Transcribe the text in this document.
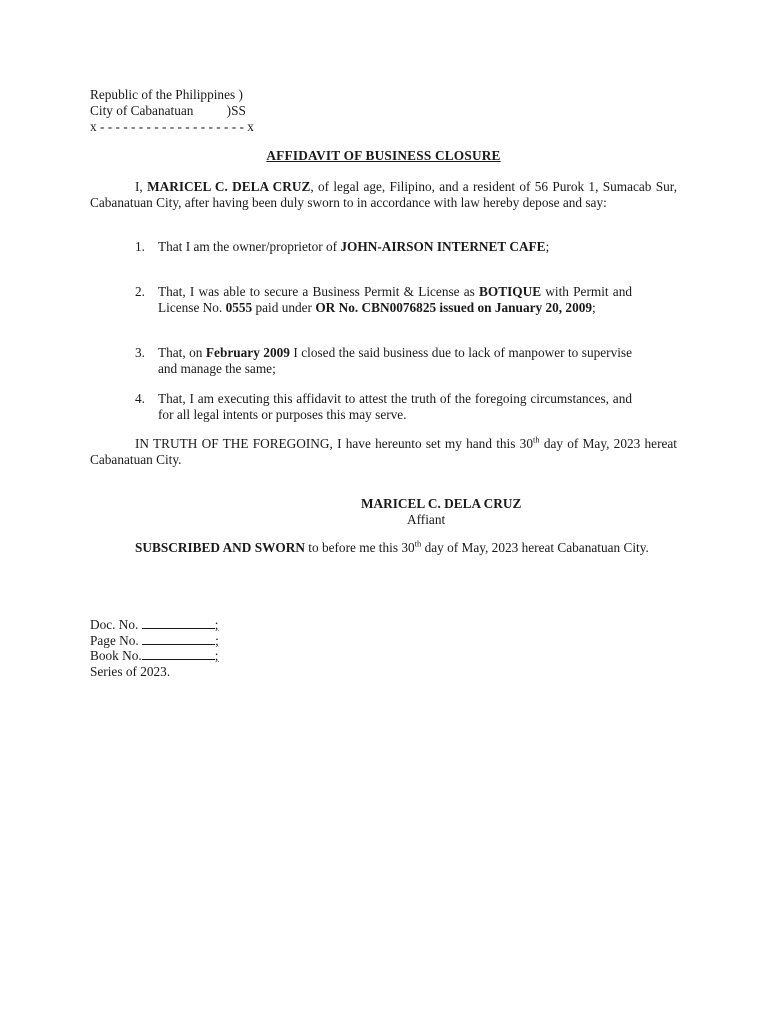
Republic of the Philippines )
City of Cabanatuan          )SS
x - - - - - - - - - - - - - - - - - - - x
AFFIDAVIT OF BUSINESS CLOSURE

I, MARICEL C. DELA CRUZ, of legal age, Filipino, and a resident of 56 Purok 1, Sumacab Sur, Cabanatuan City, after having been duly sworn to in accordance with law hereby depose and say:

1. That I am the owner/proprietor of JOHN-AIRSON INTERNET CAFE;
2. That, I was able to secure a Business Permit & License as BOTIQUE with Permit and License No. 0555 paid under OR No. CBN0076825 issued on January 20, 2009;
3. That, on February 2009 I closed the said business due to lack of manpower to supervise and manage the same;
4. That, I am executing this affidavit to attest the truth of the foregoing circumstances, and for all legal intents or purposes this may serve.

IN TRUTH OF THE FOREGOING, I have hereunto set my hand this 30th day of May, 2023 hereat Cabanatuan City.

MARICEL C. DELA CRUZ
Affiant

SUBSCRIBED AND SWORN to before me this 30th day of May, 2023 hereat Cabanatuan City.

Doc. No.	;
Page No.	;
Book No.	;
Series of 2023.
